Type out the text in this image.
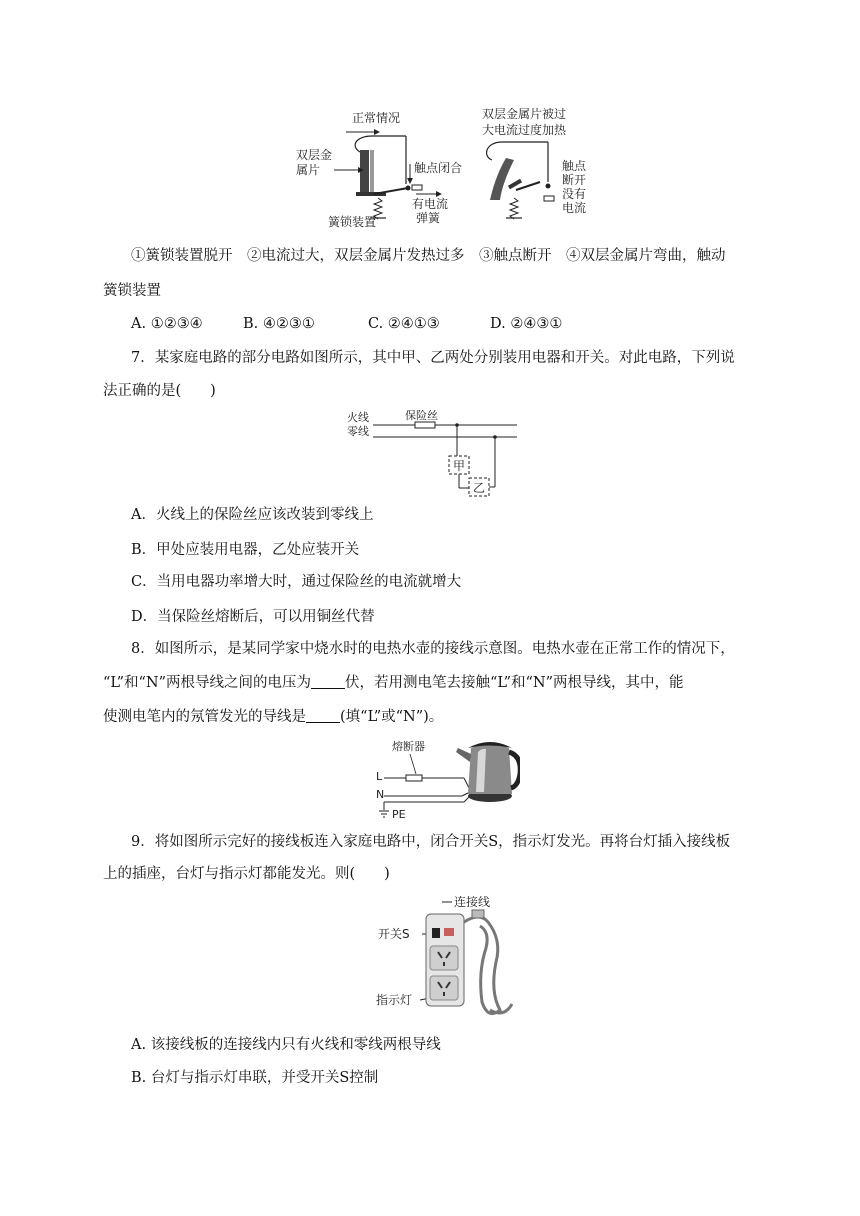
正常情况
双层金
属片	触点闭合
有电流
弹簧
簧锁装置
双层金属片被过
大电流过度加热
触点
断开
没有
电流
①簧锁装置脱开　②电流过大，双层金属片发热过多　③触点断开　④双层金属片弯曲，触动
簧锁装置
A. ①②③④	B. ④②③①	C. ②④①③	D. ②④③①
7．某家庭电路的部分电路如图所示，其中甲、乙两处分别装用电器和开关。对此电路，下列说
法正确的是(　　)
火线
零线
保险丝
甲
乙
A．火线上的保险丝应该改装到零线上
B．甲处应装用电器，乙处应装开关
C．当用电器功率增大时，通过保险丝的电流就增大
D．当保险丝熔断后，可以用铜丝代替
8．如图所示，是某同学家中烧水时的电热水壶的接线示意图。电热水壶在正常工作的情况下，
“L”和“N”两根导线之间的电压为 伏，若用测电笔去接触“L”和“N”两根导线，其中，能
使测电笔内的氖管发光的导线是 (填“L”或“N”)。
熔断器
L
N
PE
9．将如图所示完好的接线板连入家庭电路中，闭合开关S，指示灯发光。再将台灯插入接线板
上的插座，台灯与指示灯都能发光。则(　　)
连接线
开关S
指示灯
A. 该接线板的连接线内只有火线和零线两根导线
B. 台灯与指示灯串联，并受开关S控制
